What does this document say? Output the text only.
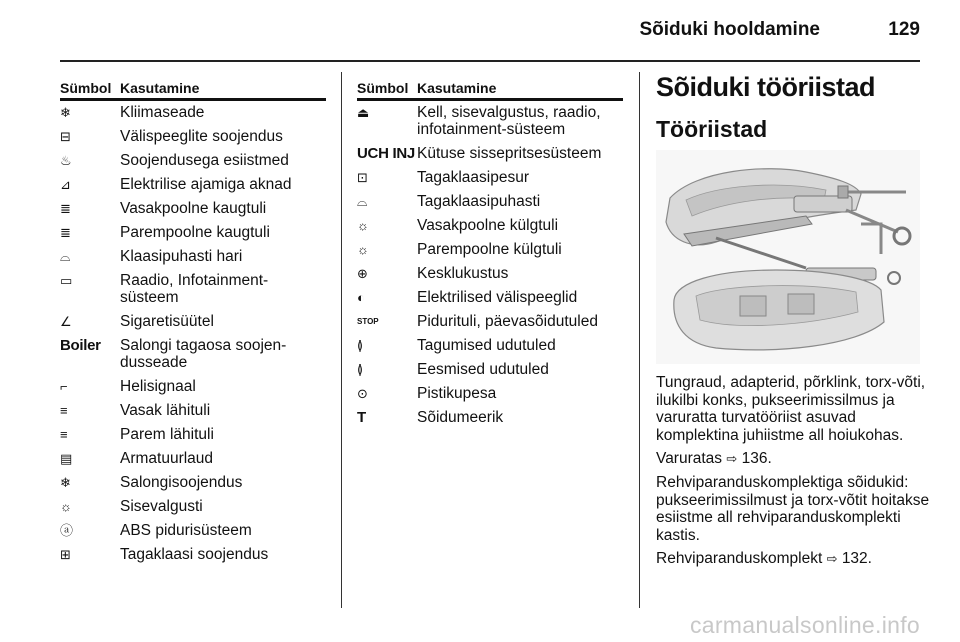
Sõiduki hooldamine	129
Sümbol Kasutamine
❄	Kliimaseade
⊟	Välispeeglite soojendus
♨	Soojendusega esiistmed
⊿	Elektrilise ajamiga aknad
≣	Vasakpoolne kaugtuli
≣	Parempoolne kaugtuli
⌓	Klaasipuhasti hari
▭	Raadio, Infotainment-süsteem
∠	Sigaretisüütel
Boiler	Salongi tagaosa soojen-dusseade
⌐	Helisignaal
≡	Vasak lähituli
≡	Parem lähituli
▤	Armatuurlaud
❄	Salongisoojendus
☼	Sisevalgusti
ⓐ	ABS pidurisüsteem
⊞	Tagaklaasi soojendus
Sümbol Kasutamine
⏏	Kell, sisevalgustus, raadio, infotainment-süsteem
UCH INJ Kütuse sissepritsesüsteem
⊡	Tagaklaasipesur
⌓	Tagaklaasipuhasti
☼	Vasakpoolne külgtuli
☼	Parempoolne külgtuli
⊕	Kesklukustus
◐	Elektrilised välispeeglid
STOP	Pidurituli, päevasõidutuled
≬	Tagumised udutuled
≬	Eesmised udutuled
⊙	Pistikupesa
T	Sõidumeerik
Sõiduki tööriistad
Tööriistad

Tungraud, adapterid, põrklink, torx-võti, ilukilbi konks, pukseerimissilmus ja varuratta turvatööriist asuvad komplektina juhiistme all hoiukohas.

Varuratas ⇨ 136.

Rehviparanduskomplektiga sõidukid: pukseerimissilmust ja torx-võtit hoitakse esiistme all rehviparanduskomplekti kastis.

Rehviparanduskomplekt ⇨ 132.

carmanualsonline.info
